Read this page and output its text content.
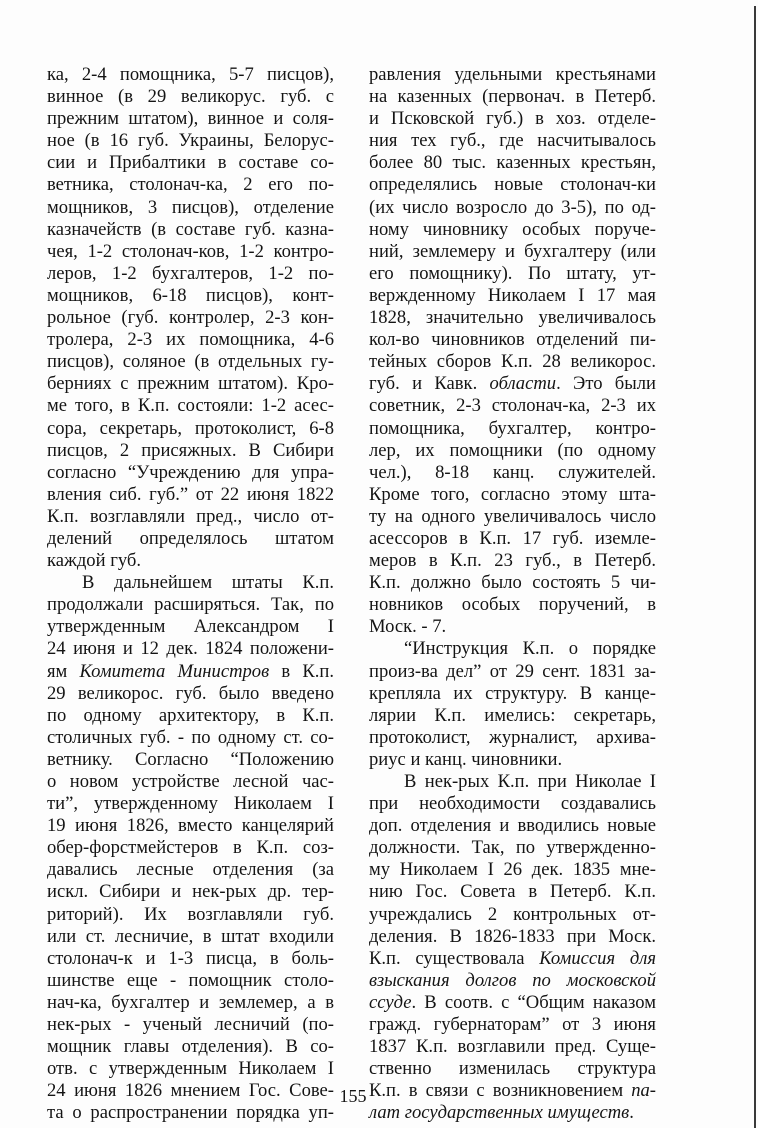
ка, 2-4 помощника, 5-7 писцов),
винное (в 29 великорус. губ. с
прежним штатом), винное и соля-
ное (в 16 губ. Украины, Белорус-
сии и Прибалтики в составе со-
ветника, столонач-ка, 2 его по-
мощников, 3 писцов), отделение
казначейств (в составе губ. казна-
чея, 1-2 столонач-ков, 1-2 контро-
леров, 1-2 бухгалтеров, 1-2 по-
мощников, 6-18 писцов), конт-
рольное (губ. контролер, 2-3 кон-
тролера, 2-3 их помощника, 4-6
писцов), соляное (в отдельных гу-
берниях с прежним штатом). Кро-
ме того, в К.п. состояли: 1-2 асес-
сора, секретарь, протоколист, 6-8
писцов, 2 присяжных. В Сибири
согласно “Учреждению для упра-
вления сиб. губ.” от 22 июня 1822
К.п. возглавляли пред., число от-
делений определялось штатом
каждой губ.
В дальнейшем штаты К.п.
продолжали расширяться. Так, по
утвержденным Александром I
24 июня и 12 дек. 1824 положени-
ям Комитета Министров в К.п.
29 великорос. губ. было введено
по одному архитектору, в К.п.
столичных губ. - по одному ст. со-
ветнику. Согласно “Положению
о новом устройстве лесной час-
ти”, утвержденному Николаем I
19 июня 1826, вместо канцелярий
обер-форстмейстеров в К.п. соз-
давались лесные отделения (за
искл. Сибири и нек-рых др. тер-
риторий). Их возглавляли губ.
или ст. лесничие, в штат входили
столонач-к и 1-3 писца, в боль-
шинстве еще - помощник столо-
нач-ка, бухгалтер и землемер, а в
нек-рых - ученый лесничий (по-
мощник главы отделения). В со-
отв. с утвержденным Николаем I
24 июня 1826 мнением Гос. Сове-
та о распространении порядка уп-
равления удельными крестьянами
на казенных (первонач. в Петерб.
и Псковской губ.) в хоз. отделе-
ния тех губ., где насчитывалось
более 80 тыс. казенных крестьян,
определялись новые столонач-ки
(их число возросло до 3-5), по од-
ному чиновнику особых поруче-
ний, землемеру и бухгалтеру (или
его помощнику). По штату, ут-
вержденному Николаем I 17 мая
1828, значительно увеличивалось
кол-во чиновников отделений пи-
тейных сборов К.п. 28 великорос.
губ. и Кавк. области. Это были
советник, 2-3 столонач-ка, 2-3 их
помощника, бухгалтер, контро-
лер, их помощники (по одному
чел.), 8-18 канц. служителей.
Кроме того, согласно этому шта-
ту на одного увеличивалось число
асессоров в К.п. 17 губ. иземле-
меров в К.п. 23 губ., в Петерб.
К.п. должно было состоять 5 чи-
новников особых поручений, в
Моск. - 7.
“Инструкция К.п. о порядке
произ-ва дел” от 29 сент. 1831 за-
крепляла их структуру. В канце-
лярии К.п. имелись: секретарь,
протоколист, журналист, архива-
риус и канц. чиновники.
В нек-рых К.п. при Николае I
при необходимости создавались
доп. отделения и вводились новые
должности. Так, по утвержденно-
му Николаем I 26 дек. 1835 мне-
нию Гос. Совета в Петерб. К.п.
учреждались 2 контрольных от-
деления. В 1826-1833 при Моск.
К.п. существовала Комиссия для
взыскания долгов по московской
ссуде. В соотв. с “Общим наказом
гражд. губернаторам” от 3 июня
1837 К.п. возглавили пред. Суще-
ственно изменилась структура
К.п. в связи с возникновением па-
лат государственных имуществ.
155
